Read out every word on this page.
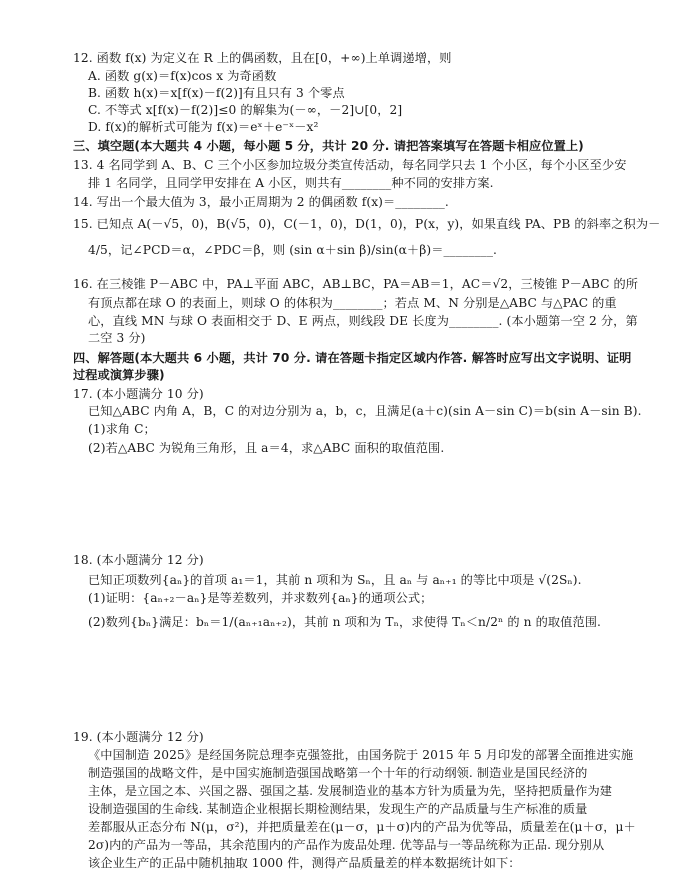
12. 函数 f(x) 为定义在 R 上的偶函数，且在[0，+∞)上单调递增，则
A. 函数 g(x)＝f(x)cos x 为奇函数
B. 函数 h(x)＝x[f(x)－f(2)]有且只有 3 个零点
C. 不等式 x[f(x)－f(2)]≤0 的解集为(－∞，－2]∪[0，2]
D. f(x)的解析式可能为 f(x)＝eˣ＋e⁻ˣ－x²
三、填空题(本大题共 4 小题，每小题 5 分，共计 20 分. 请把答案填写在答题卡相应位置上)
13. 4 名同学到 A、B、C 三个小区参加垃圾分类宣传活动，每名同学只去 1 个小区，每个小区至少安
排 1 名同学，且同学甲安排在 A 小区，则共有________种不同的安排方案.
14. 写出一个最大值为 3，最小正周期为 2 的偶函数 f(x)＝________.
15. 已知点 A(－√5，0)，B(√5，0)，C(－1，0)，D(1，0)，P(x，y)，如果直线 PA、PB 的斜率之积为－
4/5，记∠PCD＝α，∠PDC＝β，则 (sin α＋sin β)/sin(α＋β)＝________.
16. 在三棱锥 P－ABC 中，PA⊥平面 ABC，AB⊥BC，PA＝AB＝1，AC＝√2，三棱锥 P－ABC 的所
有顶点都在球 O 的表面上，则球 O 的体积为________；若点 M、N 分别是△ABC 与△PAC 的重
心，直线 MN 与球 O 表面相交于 D、E 两点，则线段 DE 长度为________. (本小题第一空 2 分，第
二空 3 分)
四、解答题(本大题共 6 小题，共计 70 分. 请在答题卡指定区域内作答. 解答时应写出文字说明、证明
过程或演算步骤)
17. (本小题满分 10 分)
已知△ABC 内角 A，B，C 的对边分别为 a，b，c，且满足(a＋c)(sin A－sin C)＝b(sin A－sin B).
(1)求角 C；
(2)若△ABC 为锐角三角形，且 a＝4，求△ABC 面积的取值范围.
18. (本小题满分 12 分)
已知正项数列{aₙ}的首项 a₁＝1，其前 n 项和为 Sₙ，且 aₙ 与 aₙ₊₁ 的等比中项是 √(2Sₙ).
(1)证明：{aₙ₊₂－aₙ}是等差数列，并求数列{aₙ}的通项公式；
(2)数列{bₙ}满足：bₙ＝1/(aₙ₊₁aₙ₊₂)，其前 n 项和为 Tₙ，求使得 Tₙ＜n/2ⁿ 的 n 的取值范围.
19. (本小题满分 12 分)
《中国制造 2025》是经国务院总理李克强签批，由国务院于 2015 年 5 月印发的部署全面推进实施
制造强国的战略文件，是中国实施制造强国战略第一个十年的行动纲领. 制造业是国民经济的
主体，是立国之本、兴国之器、强国之基. 发展制造业的基本方针为质量为先，坚持把质量作为建
设制造强国的生命线. 某制造企业根据长期检测结果，发现生产的产品质量与生产标准的质量
差都服从正态分布 N(μ，σ²)，并把质量差在(μ－σ，μ＋σ)内的产品为优等品，质量差在(μ＋σ，μ＋
2σ)内的产品为一等品，其余范围内的产品作为废品处理. 优等品与一等品统称为正品. 现分别从
该企业生产的正品中随机抽取 1000 件，测得产品质量差的样本数据统计如下：
